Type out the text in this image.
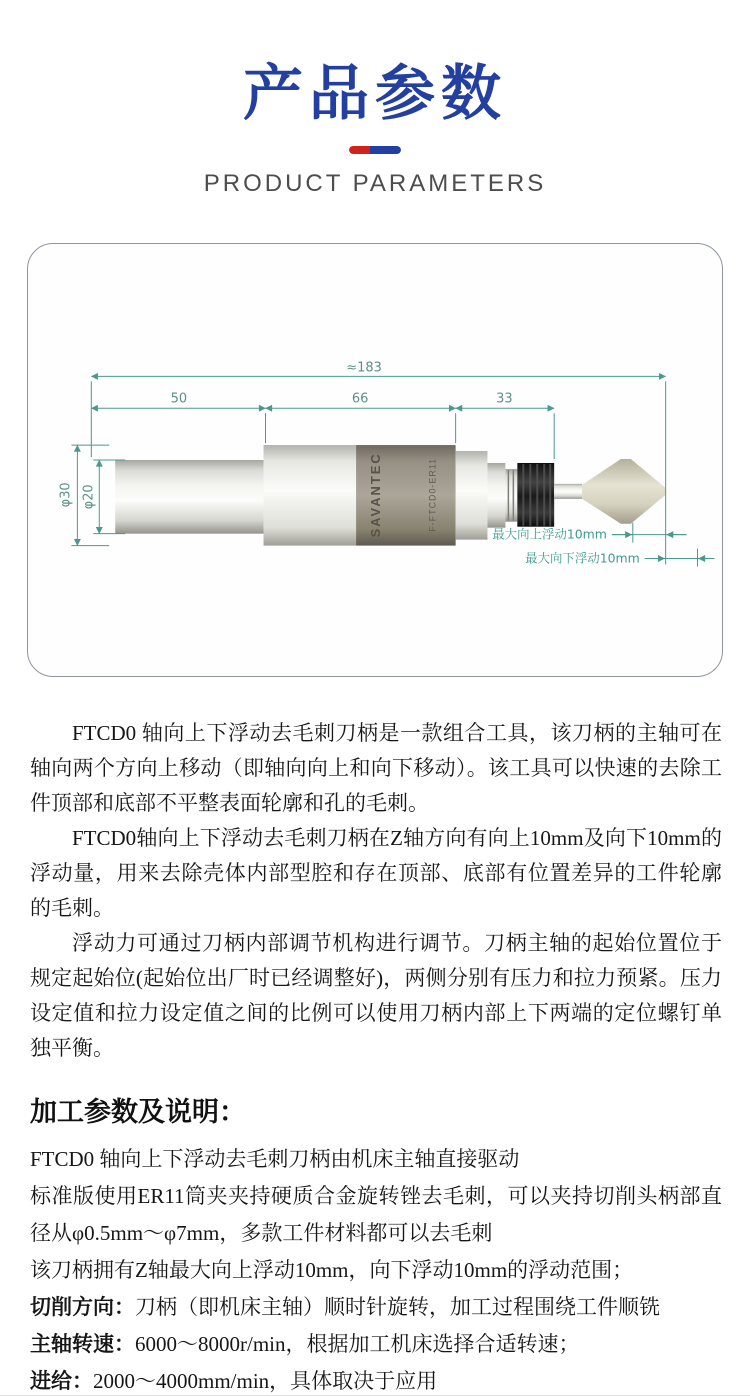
产品参数
PRODUCT PARAMETERS
SAVANTEC	F-FTCD0-ER11
≈183
50	66	33
φ30 φ20
最大向上浮动10mm
最大向下浮动10mm

FTCD0 轴向上下浮动去毛刺刀柄是一款组合工具，该刀柄的主轴可在轴向两个方向上移动（即轴向向上和向下移动）。该工具可以快速的去除工件顶部和底部不平整表面轮廓和孔的毛刺。

FTCD0轴向上下浮动去毛刺刀柄在Z轴方向有向上10mm及向下10mm的浮动量，用来去除壳体内部型腔和存在顶部、底部有位置差异的工件轮廓的毛刺。

浮动力可通过刀柄内部调节机构进行调节。刀柄主轴的起始位置位于规定起始位(起始位出厂时已经调整好)，两侧分别有压力和拉力预紧。压力设定值和拉力设定值之间的比例可以使用刀柄内部上下两端的定位螺钉单独平衡。

加工参数及说明：
FTCD0 轴向上下浮动去毛刺刀柄由机床主轴直接驱动
标准版使用ER11筒夹夹持硬质合金旋转锉去毛刺，可以夹持切削头柄部直径从φ0.5mm～φ7mm，多款工件材料都可以去毛刺
该刀柄拥有Z轴最大向上浮动10mm，向下浮动10mm的浮动范围；
切削方向：刀柄（即机床主轴）顺时针旋转，加工过程围绕工件顺铣
主轴转速：6000～8000r/min，根据加工机床选择合适转速；
进给：2000～4000mm/min，具体取决于应用
